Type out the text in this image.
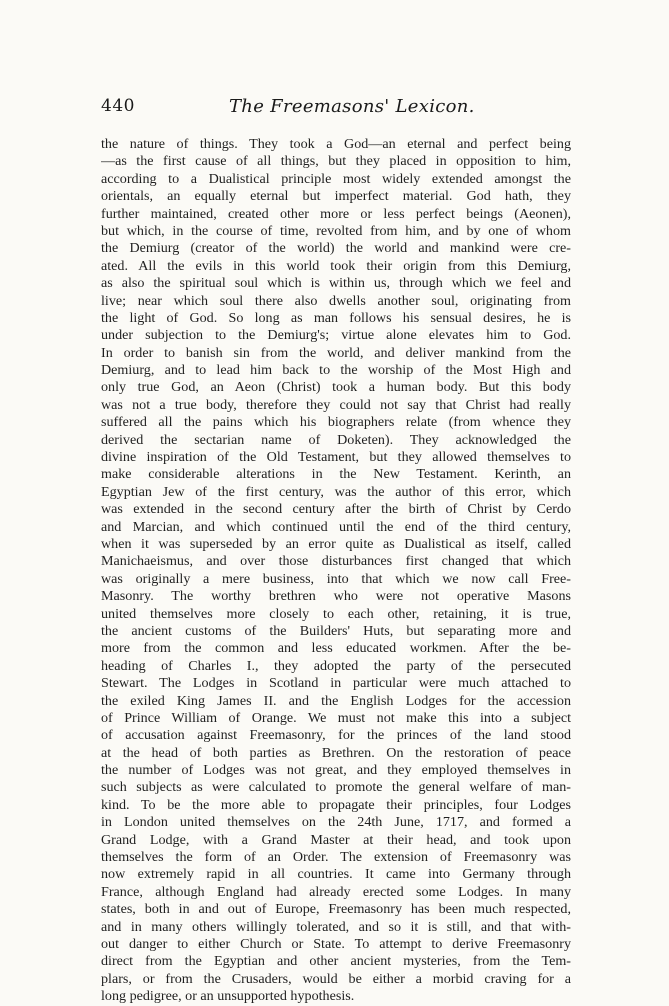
440	The Freemasons' Lexicon.
the nature of things. They took a God—an eternal and perfect being
—as the first cause of all things, but they placed in opposition to him,
according to a Dualistical principle most widely extended amongst the
orientals, an equally eternal but imperfect material. God hath, they
further maintained, created other more or less perfect beings (Aeonen),
but which, in the course of time, revolted from him, and by one of whom
the Demiurg (creator of the world) the world and mankind were cre-
ated. All the evils in this world took their origin from this Demiurg,
as also the spiritual soul which is within us, through which we feel and
live; near which soul there also dwells another soul, originating from
the light of God. So long as man follows his sensual desires, he is
under subjection to the Demiurg's; virtue alone elevates him to God.
In order to banish sin from the world, and deliver mankind from the
Demiurg, and to lead him back to the worship of the Most High and
only true God, an Aeon (Christ) took a human body. But this body
was not a true body, therefore they could not say that Christ had really
suffered all the pains which his biographers relate (from whence they
derived the sectarian name of Doketen). They acknowledged the
divine inspiration of the Old Testament, but they allowed themselves to
make considerable alterations in the New Testament. Kerinth, an
Egyptian Jew of the first century, was the author of this error, which
was extended in the second century after the birth of Christ by Cerdo
and Marcian, and which continued until the end of the third century,
when it was superseded by an error quite as Dualistical as itself, called
Manichaeismus, and over those disturbances first changed that which
was originally a mere business, into that which we now call Free-
Masonry. The worthy brethren who were not operative Masons
united themselves more closely to each other, retaining, it is true,
the ancient customs of the Builders' Huts, but separating more and
more from the common and less educated workmen. After the be-
heading of Charles I., they adopted the party of the persecuted
Stewart. The Lodges in Scotland in particular were much attached to
the exiled King James II. and the English Lodges for the accession
of Prince William of Orange. We must not make this into a subject
of accusation against Freemasonry, for the princes of the land stood
at the head of both parties as Brethren. On the restoration of peace
the number of Lodges was not great, and they employed themselves in
such subjects as were calculated to promote the general welfare of man-
kind. To be the more able to propagate their principles, four Lodges
in London united themselves on the 24th June, 1717, and formed a
Grand Lodge, with a Grand Master at their head, and took upon
themselves the form of an Order. The extension of Freemasonry was
now extremely rapid in all countries. It came into Germany through
France, although England had already erected some Lodges. In many
states, both in and out of Europe, Freemasonry has been much respected,
and in many others willingly tolerated, and so it is still, and that with-
out danger to either Church or State. To attempt to derive Freemasonry
direct from the Egyptian and other ancient mysteries, from the Tem-
plars, or from the Crusaders, would be either a morbid craving for a
long pedigree, or an unsupported hypothesis.
